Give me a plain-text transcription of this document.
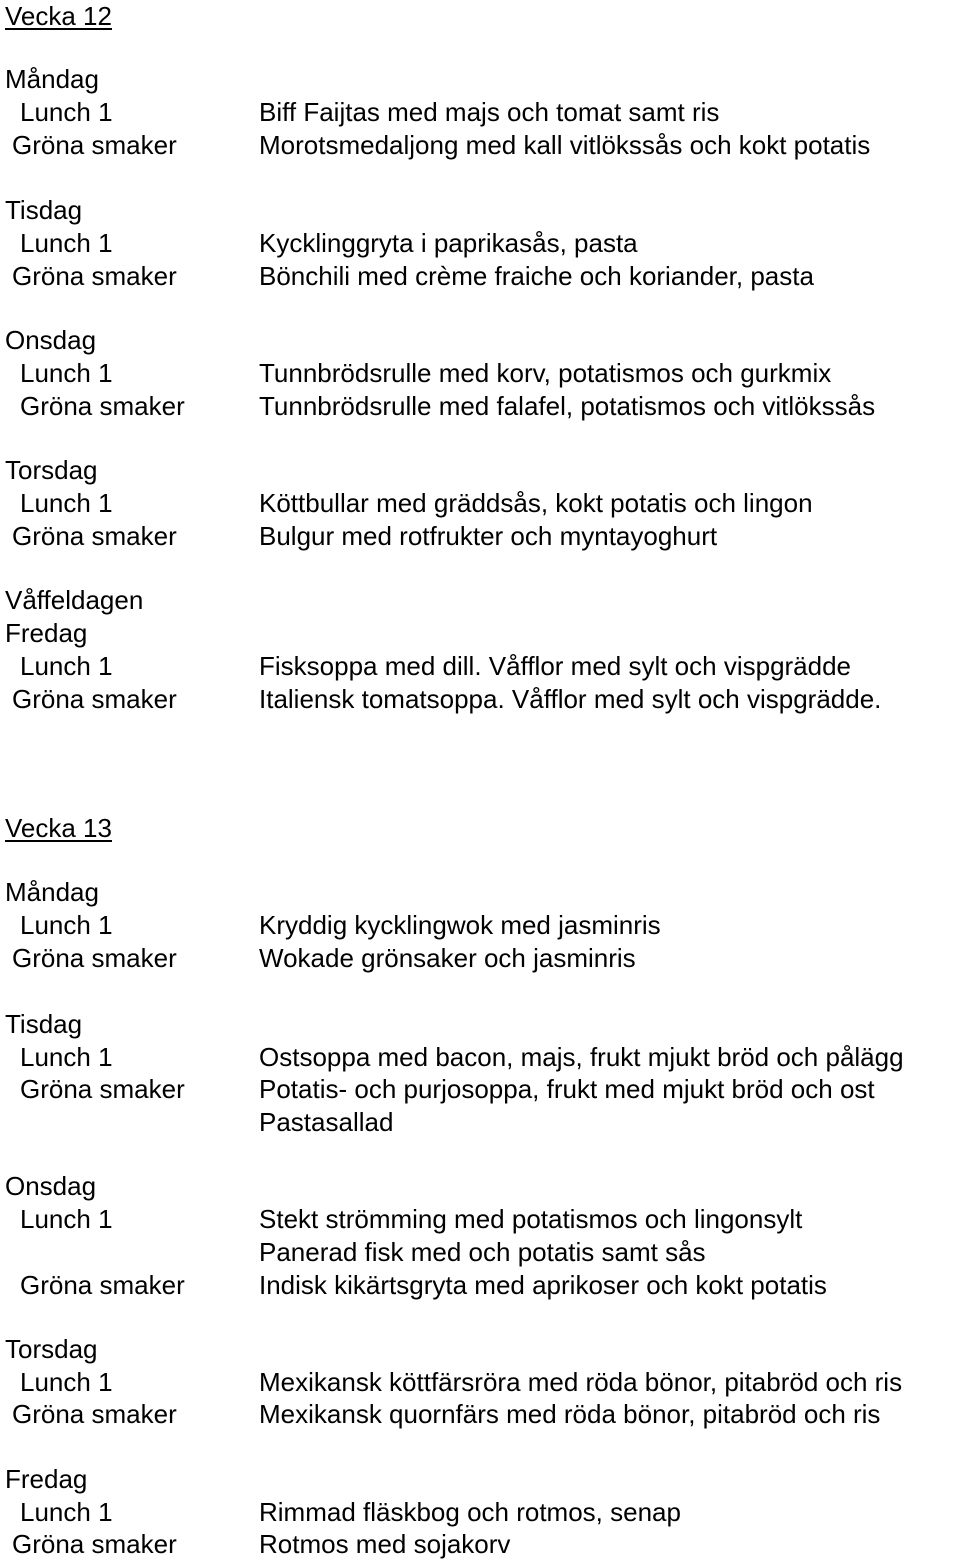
Vecka 12
Måndag
Lunch 1	Biff Faijtas med majs och tomat samt ris
Gröna smaker	Morotsmedaljong med kall vitlökssås och kokt potatis
Tisdag
Lunch 1	Kycklinggryta i paprikasås, pasta
Gröna smaker	Bönchili med crème fraiche och koriander, pasta
Onsdag
Lunch 1	Tunnbrödsrulle med korv, potatismos och gurkmix
Gröna smaker	Tunnbrödsrulle med falafel, potatismos och vitlökssås
Torsdag
Lunch 1	Köttbullar med gräddsås, kokt potatis och lingon
Gröna smaker	Bulgur med rotfrukter och myntayoghurt
Våffeldagen
Fredag
Lunch 1	Fisksoppa med dill. Våfflor med sylt och vispgrädde
Gröna smaker	Italiensk tomatsoppa. Våfflor med sylt och vispgrädde.
Vecka 13
Måndag
Lunch 1	Kryddig kycklingwok med jasminris
Gröna smaker	Wokade grönsaker och jasminris
Tisdag
Lunch 1	Ostsoppa med bacon, majs, frukt mjukt bröd och pålägg
Gröna smaker	Potatis- och purjosoppa, frukt med mjukt bröd och ost
Pastasallad
Onsdag
Lunch 1	Stekt strömming med potatismos och lingonsylt
Panerad fisk med och potatis samt sås
Gröna smaker	Indisk kikärtsgryta med aprikoser och kokt potatis
Torsdag
Lunch 1	Mexikansk köttfärsröra med röda bönor, pitabröd och ris
Gröna smaker	Mexikansk quornfärs med röda bönor, pitabröd och ris
Fredag
Lunch 1	Rimmad fläskbog och rotmos, senap
Gröna smaker	Rotmos med sojakorv
